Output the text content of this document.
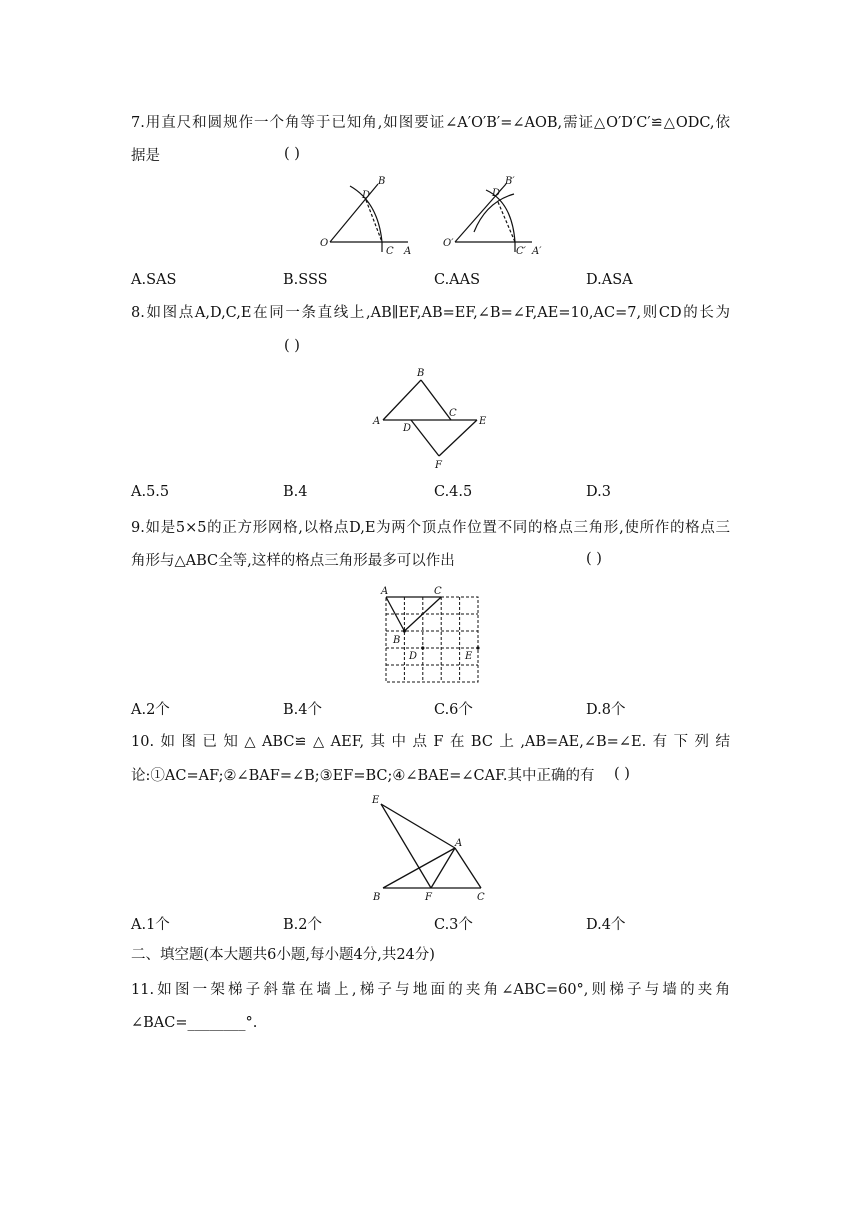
7.用直尺和圆规作一个角等于已知角,如图要证∠A′O′B′=∠AOB,需证△O′D′C′≌△ODC,依
据是	( )
O
B
D
C A
O′
B′
D′
C′ A′
A.SAS	B.SSS	C.AAS	D.ASA
8.如图点A,D,C,E在同一条直线上,AB∥EF,AB=EF,∠B=∠F,AE=10,AC=7,则CD的长为
( )
A
B
C
D
E
F
A.5.5	B.4	C.4.5	D.3
9.如是5×5的正方形网格,以格点D,E为两个顶点作位置不同的格点三角形,使所作的格点三
角形与△ABC全等,这样的格点三角形最多可以作出	( )
A	C
B
D	E
A.2个	B.4个	C.6个	D.8个
10.如图已知△ABC≌△AEF,其中点F在BC上,AB=AE,∠B=∠E.有下列结
论:①AC=AF;②∠BAF=∠B;③EF=BC;④∠BAE=∠CAF.其中正确的有	( )
E
A
B	F	C
A.1个	B.2个	C.3个	D.4个
二、填空题(本大题共6小题,每小题4分,共24分)
11.如图一架梯子斜靠在墙上,梯子与地面的夹角∠ABC=60°,则梯子与墙的夹角
∠BAC=________°.
